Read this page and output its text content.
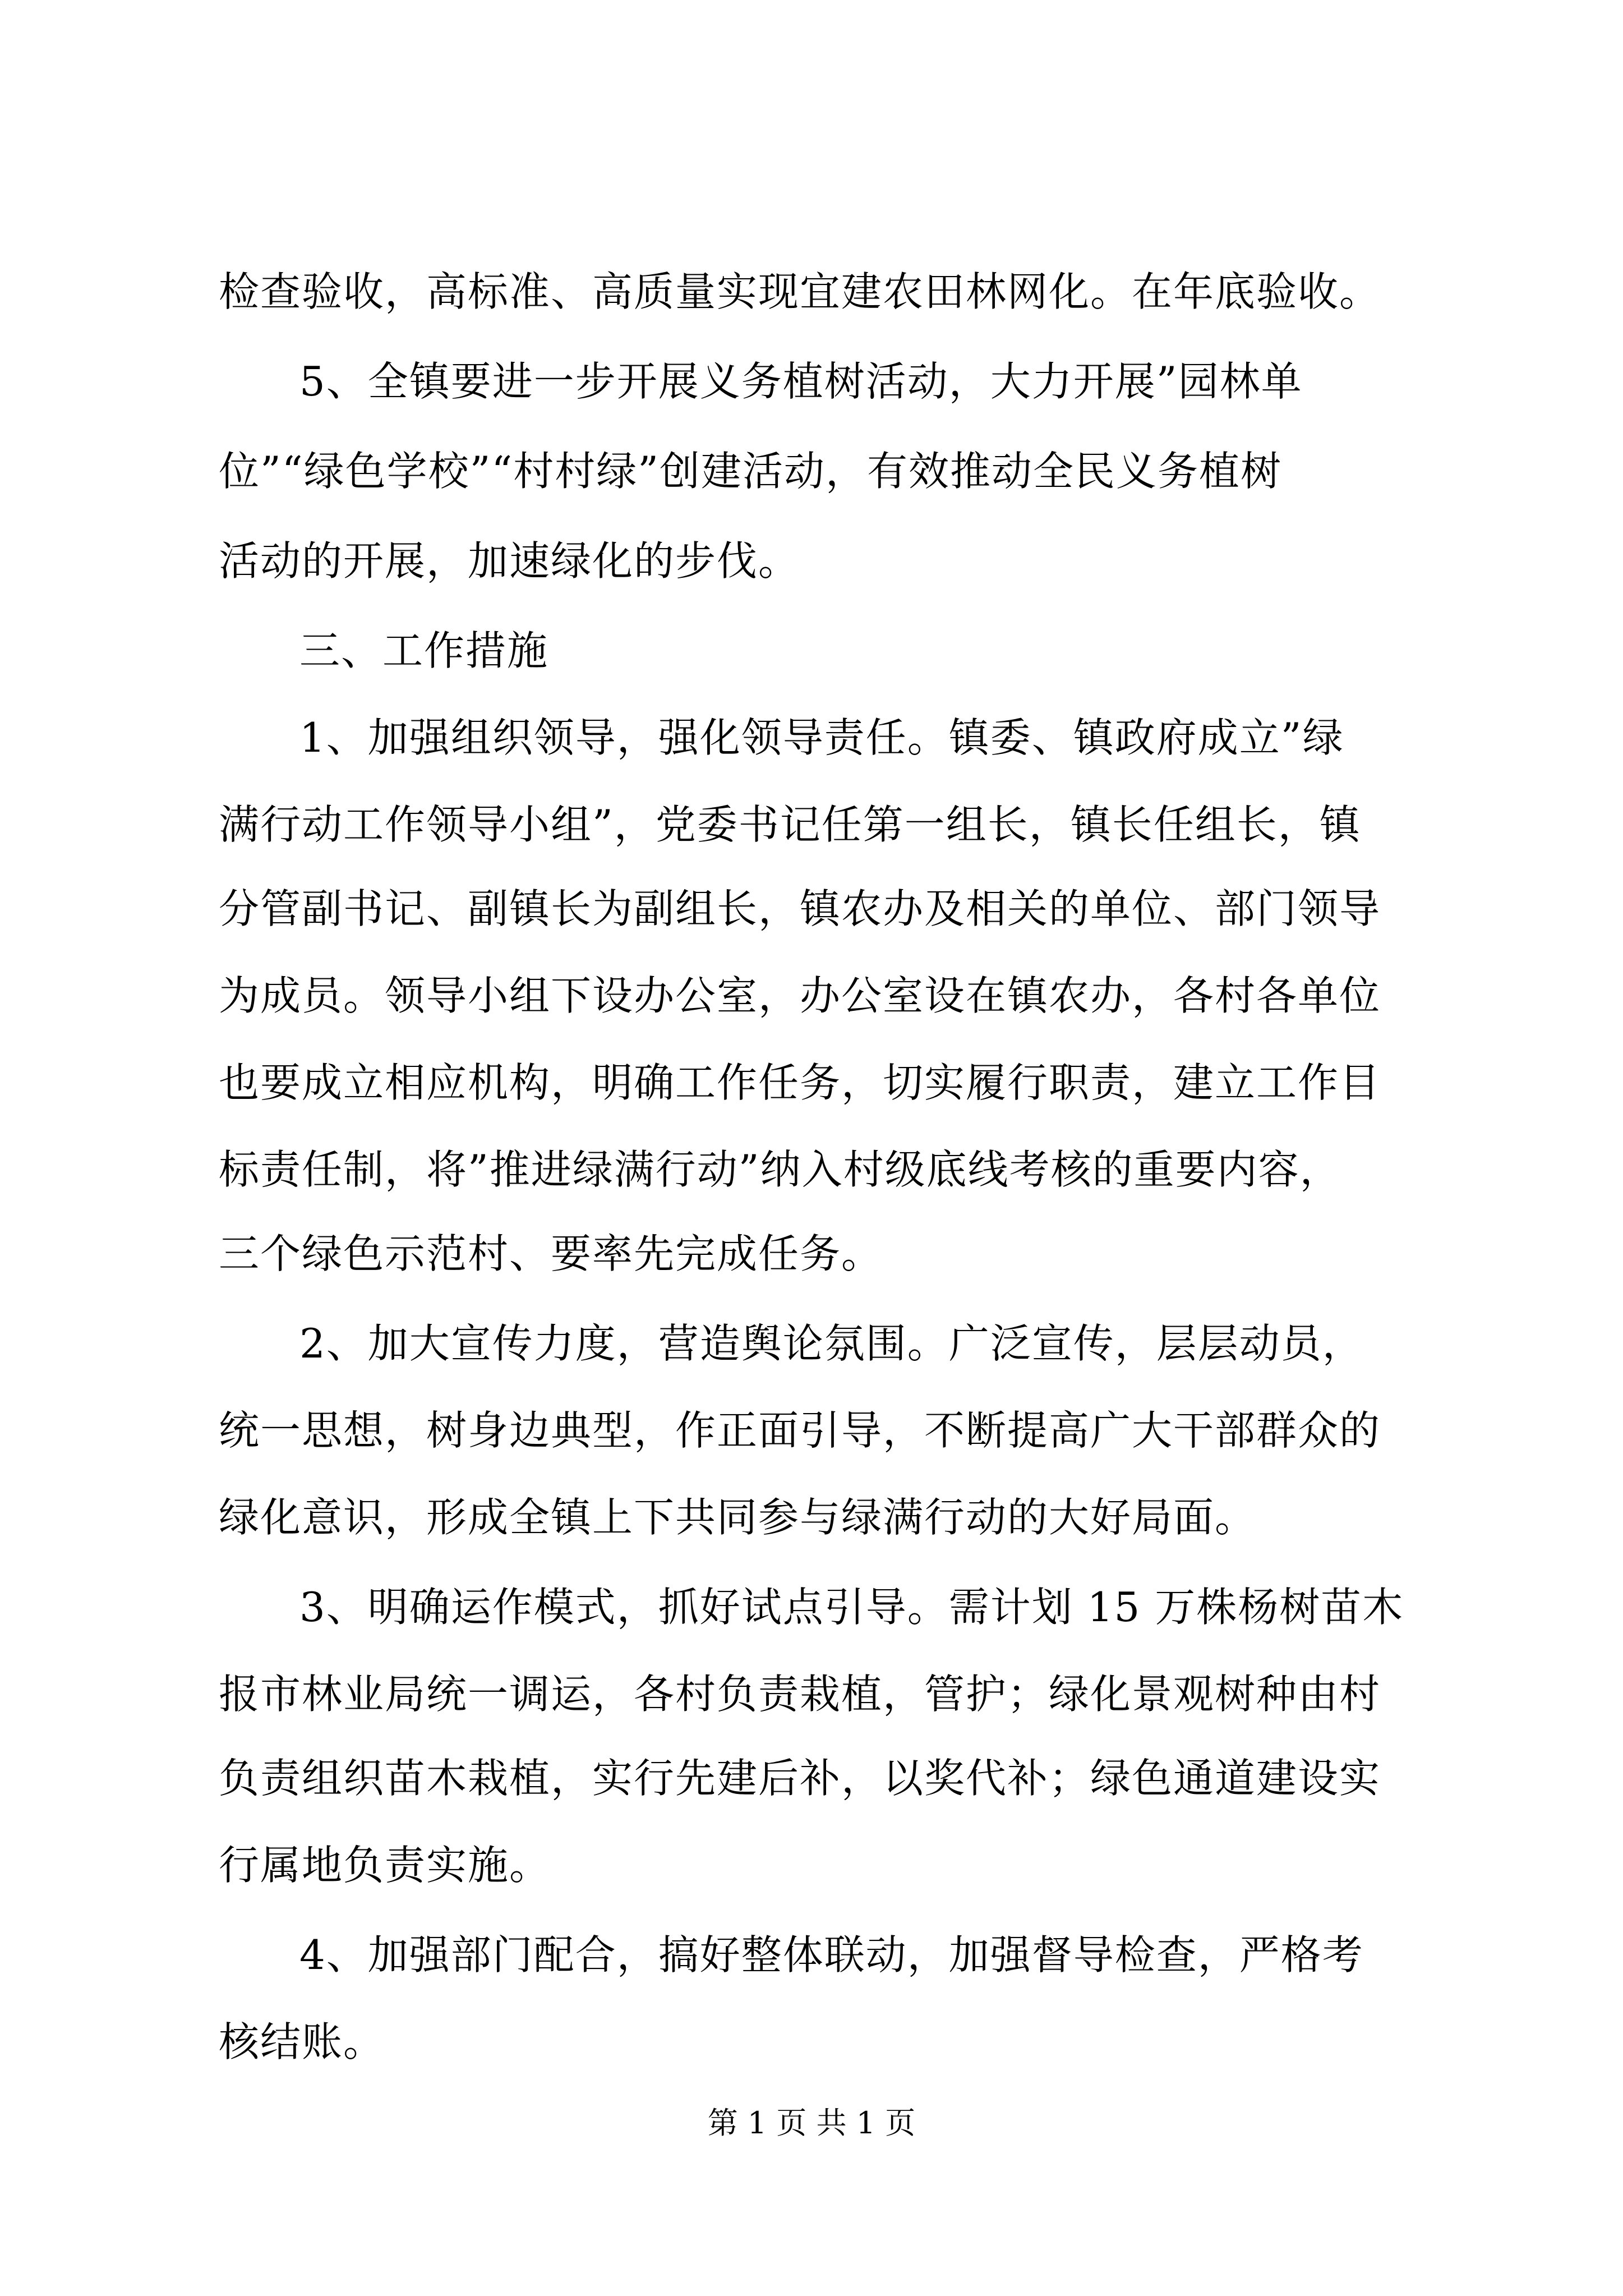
检查验收，高标准、高质量实现宜建农田林网化。在年底验收。
5、全镇要进一步开展义务植树活动，大力开展”园林单
位”“绿色学校”“村村绿”创建活动，有效推动全民义务植树
活动的开展，加速绿化的步伐。
三、工作措施
1、加强组织领导，强化领导责任。镇委、镇政府成立”绿
满行动工作领导小组”，党委书记任第一组长，镇长任组长，镇
分管副书记、副镇长为副组长，镇农办及相关的单位、部门领导
为成员。领导小组下设办公室，办公室设在镇农办，各村各单位
也要成立相应机构，明确工作任务，切实履行职责，建立工作目
标责任制，将”推进绿满行动”纳入村级底线考核的重要内容，
三个绿色示范村、要率先完成任务。
2、加大宣传力度，营造舆论氛围。广泛宣传，层层动员，
统一思想，树身边典型，作正面引导，不断提高广大干部群众的
绿化意识，形成全镇上下共同参与绿满行动的大好局面。
3、明确运作模式，抓好试点引导。需计划 15 万株杨树苗木
报市林业局统一调运，各村负责栽植，管护；绿化景观树种由村
负责组织苗木栽植，实行先建后补，以奖代补；绿色通道建设实
行属地负责实施。
4、加强部门配合，搞好整体联动，加强督导检查，严格考
核结账。
第 1 页 共 1 页
